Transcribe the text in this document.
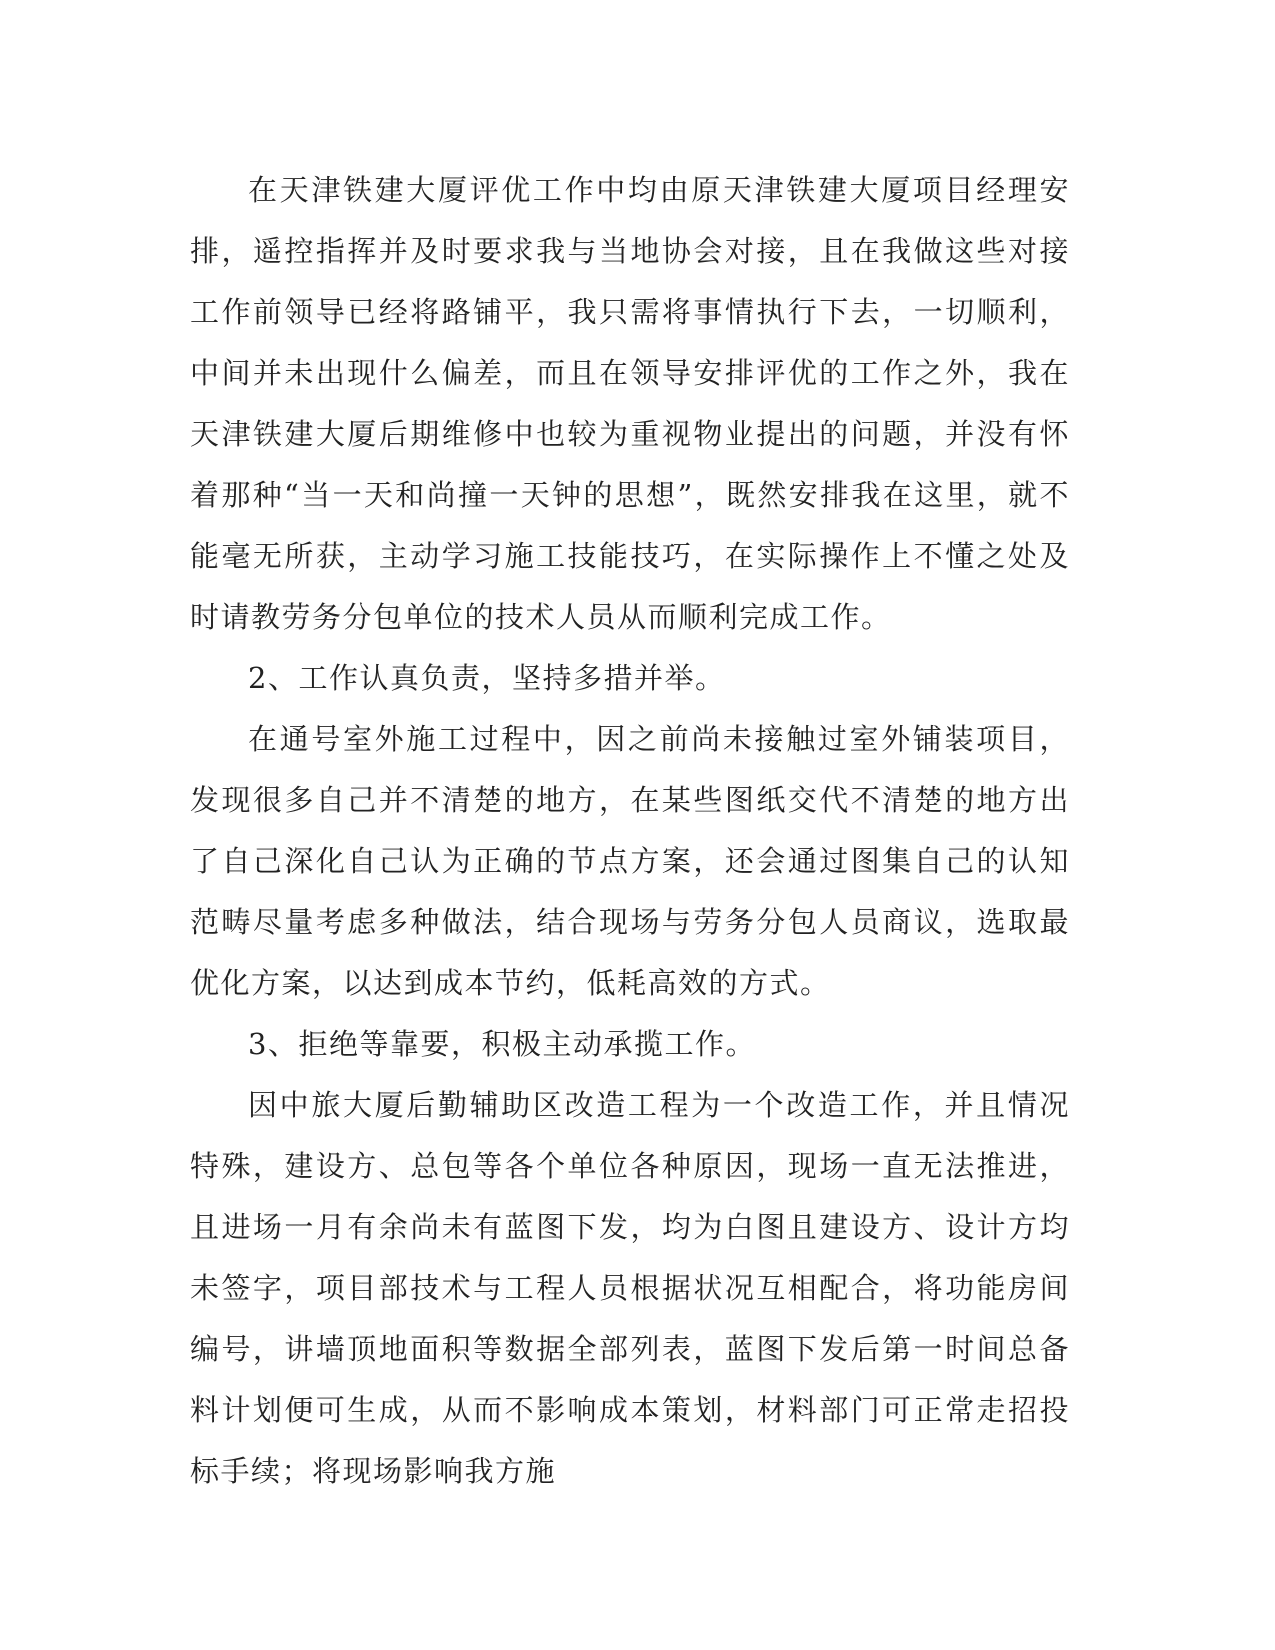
在天津铁建大厦评优工作中均由原天津铁建大厦项目经理安排，遥控指挥并及时要求我与当地协会对接，且在我做这些对接工作前领导已经将路铺平，我只需将事情执行下去，一切顺利，中间并未出现什么偏差，而且在领导安排评优的工作之外，我在天津铁建大厦后期维修中也较为重视物业提出的问题，并没有怀着那种“当一天和尚撞一天钟的思想”，既然安排我在这里，就不能毫无所获，主动学习施工技能技巧，在实际操作上不懂之处及时请教劳务分包单位的技术人员从而顺利完成工作。

2、工作认真负责，坚持多措并举。

在通号室外施工过程中，因之前尚未接触过室外铺装项目，发现很多自己并不清楚的地方，在某些图纸交代不清楚的地方出了自己深化自己认为正确的节点方案，还会通过图集自己的认知范畴尽量考虑多种做法，结合现场与劳务分包人员商议，选取最优化方案，以达到成本节约，低耗高效的方式。

3、拒绝等靠要，积极主动承揽工作。

因中旅大厦后勤辅助区改造工程为一个改造工作，并且情况特殊，建设方、总包等各个单位各种原因，现场一直无法推进，且进场一月有余尚未有蓝图下发，均为白图且建设方、设计方均未签字，项目部技术与工程人员根据状况互相配合，将功能房间编号，讲墙顶地面积等数据全部列表，蓝图下发后第一时间总备料计划便可生成，从而不影响成本策划，材料部门可正常走招投标手续；将现场影响我方施
